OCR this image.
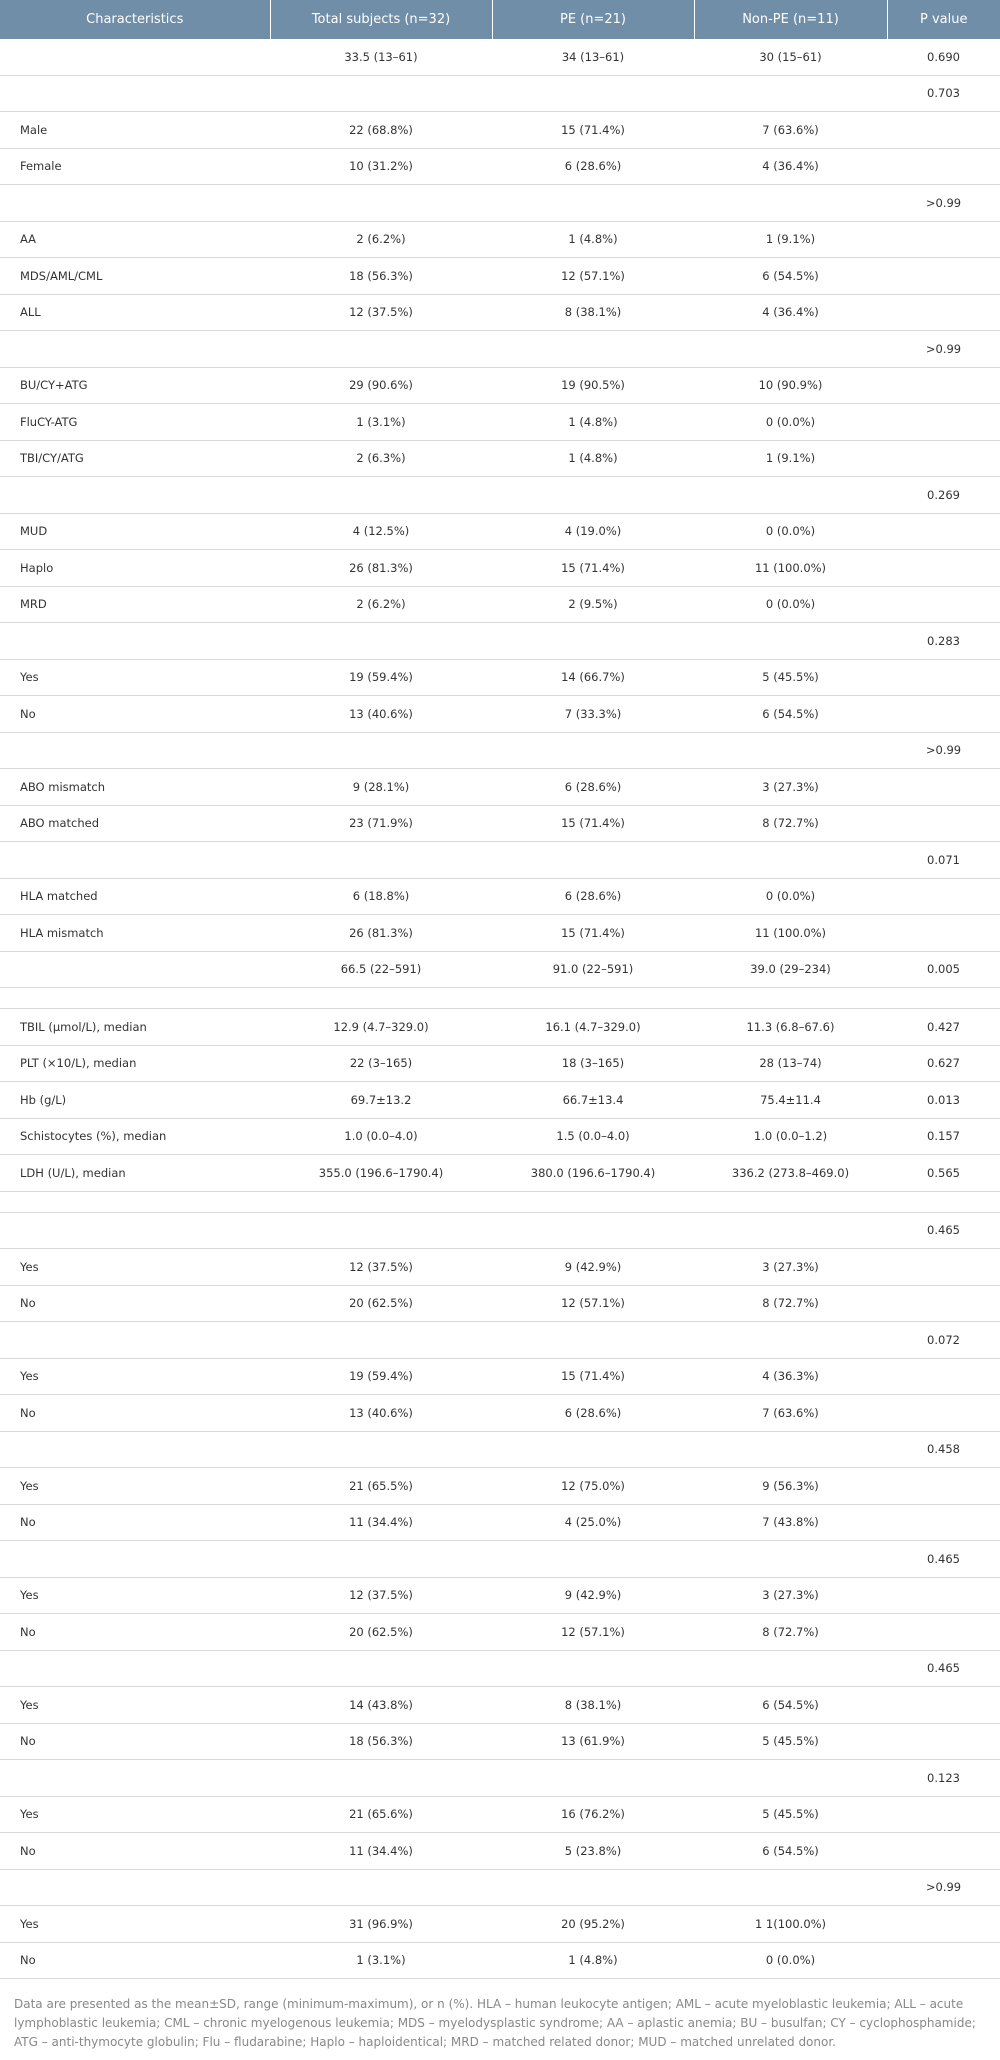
Characteristics	Total subjects (n=32)	PE (n=21)	Non-PE (n=11)	P value
	33.5 (13–61)	34 (13–61)	30 (15–61)	0.690
				0.703
Male	22 (68.8%)	15 (71.4%)	7 (63.6%)	
Female	10 (31.2%)	6 (28.6%)	4 (36.4%)	
				>0.99
AA	2 (6.2%)	1 (4.8%)	1 (9.1%)	
MDS/AML/CML	18 (56.3%)	12 (57.1%)	6 (54.5%)	
ALL	12 (37.5%)	8 (38.1%)	4 (36.4%)	
				>0.99
BU/CY+ATG	29 (90.6%)	19 (90.5%)	10 (90.9%)	
FluCY-ATG	1 (3.1%)	1 (4.8%)	0 (0.0%)	
TBI/CY/ATG	2 (6.3%)	1 (4.8%)	1 (9.1%)	
				0.269
MUD	4 (12.5%)	4 (19.0%)	0 (0.0%)	
Haplo	26 (81.3%)	15 (71.4%)	11 (100.0%)	
MRD	2 (6.2%)	2 (9.5%)	0 (0.0%)	
				0.283
Yes	19 (59.4%)	14 (66.7%)	5 (45.5%)	
No	13 (40.6%)	7 (33.3%)	6 (54.5%)	
				>0.99
ABO mismatch	9 (28.1%)	6 (28.6%)	3 (27.3%)	
ABO matched	23 (71.9%)	15 (71.4%)	8 (72.7%)	
				0.071
HLA matched	6 (18.8%)	6 (28.6%)	0 (0.0%)	
HLA mismatch	26 (81.3%)	15 (71.4%)	11 (100.0%)	
	66.5 (22–591)	91.0 (22–591)	39.0 (29–234)	0.005

TBIL (μmol/L), median	12.9 (4.7–329.0)	16.1 (4.7–329.0)	11.3 (6.8–67.6)	0.427
PLT (×10/L), median	22 (3–165)	18 (3–165)	28 (13–74)	0.627
Hb (g/L)	69.7±13.2	66.7±13.4	75.4±11.4	0.013
Schistocytes (%), median	1.0 (0.0–4.0)	1.5 (0.0–4.0)	1.0 (0.0–1.2)	0.157
LDH (U/L), median	355.0 (196.6–1790.4)	380.0 (196.6–1790.4)	336.2 (273.8–469.0)	0.565

				0.465
Yes	12 (37.5%)	9 (42.9%)	3 (27.3%)	
No	20 (62.5%)	12 (57.1%)	8 (72.7%)	
				0.072
Yes	19 (59.4%)	15 (71.4%)	4 (36.3%)	
No	13 (40.6%)	6 (28.6%)	7 (63.6%)	
				0.458
Yes	21 (65.5%)	12 (75.0%)	9 (56.3%)	
No	11 (34.4%)	4 (25.0%)	7 (43.8%)	
				0.465
Yes	12 (37.5%)	9 (42.9%)	3 (27.3%)	
No	20 (62.5%)	12 (57.1%)	8 (72.7%)	
				0.465
Yes	14 (43.8%)	8 (38.1%)	6 (54.5%)	
No	18 (56.3%)	13 (61.9%)	5 (45.5%)	
				0.123
Yes	21 (65.6%)	16 (76.2%)	5 (45.5%)	
No	11 (34.4%)	5 (23.8%)	6 (54.5%)	
				>0.99
Yes	31 (96.9%)	20 (95.2%)	1 1(100.0%)	
No	1 (3.1%)	1 (4.8%)	0 (0.0%)	
Data are presented as the mean±SD, range (minimum-maximum), or n (%). HLA – human leukocyte antigen; AML – acute myeloblastic leukemia; ALL – acute lymphoblastic leukemia; CML – chronic myelogenous leukemia; MDS – myelodysplastic syndrome; AA – aplastic anemia; BU – busulfan; CY – cyclophosphamide; ATG – anti-thymocyte globulin; Flu – fludarabine; Haplo – haploidentical; MRD – matched related donor; MUD – matched unrelated donor.
